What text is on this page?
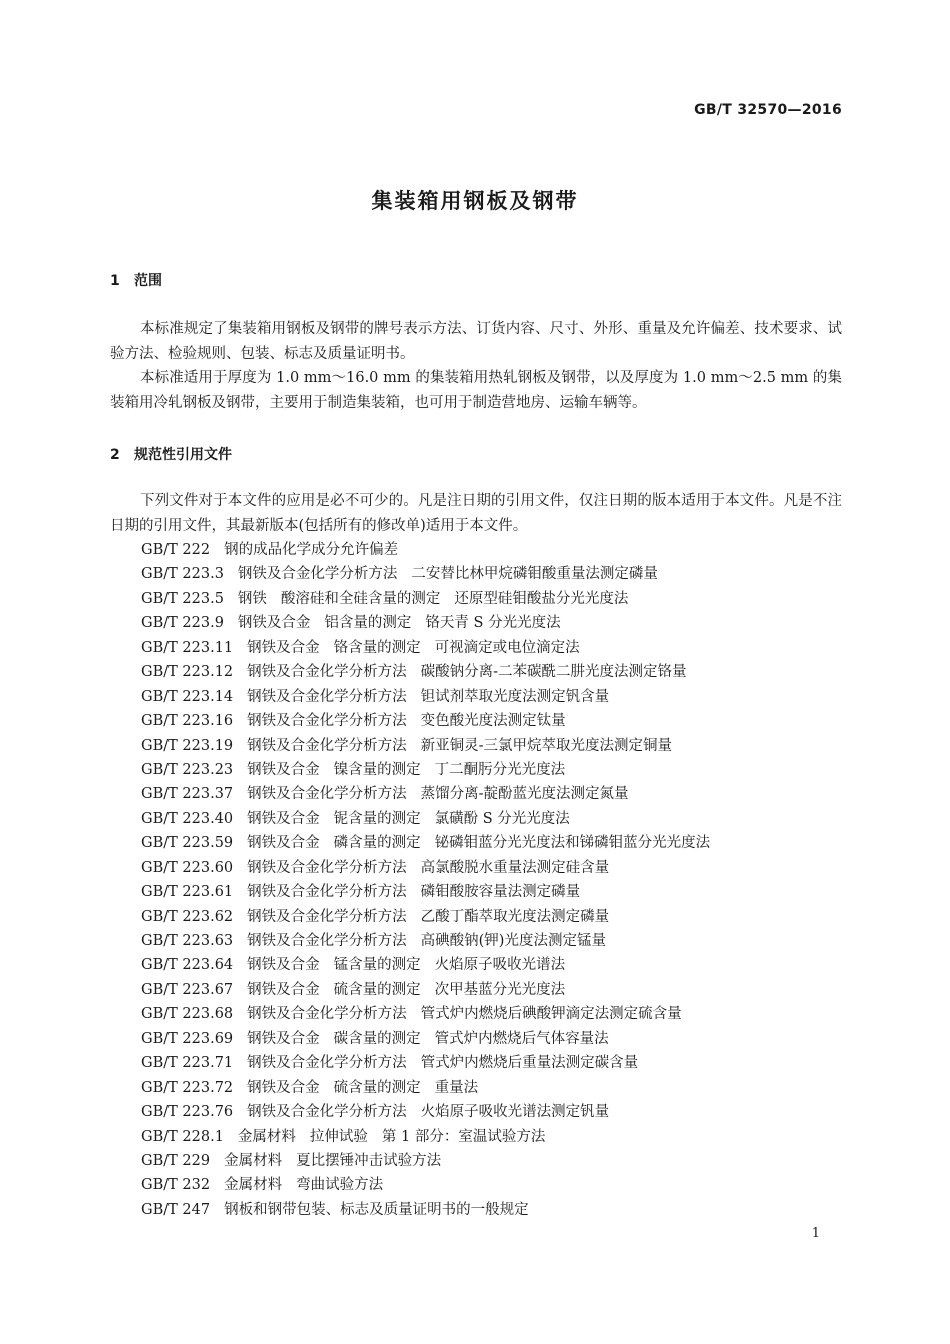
GB/T 32570—2016
集装箱用钢板及钢带
1 范围
本标准规定了集装箱用钢板及钢带的牌号表示方法、订货内容、尺寸、外形、重量及允许偏差、技术要求、试验方法、检验规则、包装、标志及质量证明书。
本标准适用于厚度为 1.0 mm～16.0 mm 的集装箱用热轧钢板及钢带，以及厚度为 1.0 mm～2.5 mm 的集装箱用冷轧钢板及钢带，主要用于制造集装箱，也可用于制造营地房、运输车辆等。
2 规范性引用文件
下列文件对于本文件的应用是必不可少的。凡是注日期的引用文件，仅注日期的版本适用于本文件。凡是不注日期的引用文件，其最新版本(包括所有的修改单)适用于本文件。
GB/T 222 钢的成品化学成分允许偏差
GB/T 223.3 钢铁及合金化学分析方法 二安替比林甲烷磷钼酸重量法测定磷量
GB/T 223.5 钢铁 酸溶硅和全硅含量的测定 还原型硅钼酸盐分光光度法
GB/T 223.9 钢铁及合金 铝含量的测定 铬天青 S 分光光度法
GB/T 223.11 钢铁及合金 铬含量的测定 可视滴定或电位滴定法
GB/T 223.12 钢铁及合金化学分析方法 碳酸钠分离-二苯碳酰二肼光度法测定铬量
GB/T 223.14 钢铁及合金化学分析方法 钽试剂萃取光度法测定钒含量
GB/T 223.16 钢铁及合金化学分析方法 变色酸光度法测定钛量
GB/T 223.19 钢铁及合金化学分析方法 新亚铜灵-三氯甲烷萃取光度法测定铜量
GB/T 223.23 钢铁及合金 镍含量的测定 丁二酮肟分光光度法
GB/T 223.37 钢铁及合金化学分析方法 蒸馏分离-靛酚蓝光度法测定氮量
GB/T 223.40 钢铁及合金 铌含量的测定 氯磺酚 S 分光光度法
GB/T 223.59 钢铁及合金 磷含量的测定 铋磷钼蓝分光光度法和锑磷钼蓝分光光度法
GB/T 223.60 钢铁及合金化学分析方法 高氯酸脱水重量法测定硅含量
GB/T 223.61 钢铁及合金化学分析方法 磷钼酸胺容量法测定磷量
GB/T 223.62 钢铁及合金化学分析方法 乙酸丁酯萃取光度法测定磷量
GB/T 223.63 钢铁及合金化学分析方法 高碘酸钠(钾)光度法测定锰量
GB/T 223.64 钢铁及合金 锰含量的测定 火焰原子吸收光谱法
GB/T 223.67 钢铁及合金 硫含量的测定 次甲基蓝分光光度法
GB/T 223.68 钢铁及合金化学分析方法 管式炉内燃烧后碘酸钾滴定法测定硫含量
GB/T 223.69 钢铁及合金 碳含量的测定 管式炉内燃烧后气体容量法
GB/T 223.71 钢铁及合金化学分析方法 管式炉内燃烧后重量法测定碳含量
GB/T 223.72 钢铁及合金 硫含量的测定 重量法
GB/T 223.76 钢铁及合金化学分析方法 火焰原子吸收光谱法测定钒量
GB/T 228.1 金属材料 拉伸试验 第 1 部分：室温试验方法
GB/T 229 金属材料 夏比摆锤冲击试验方法
GB/T 232 金属材料 弯曲试验方法
GB/T 247 钢板和钢带包装、标志及质量证明书的一般规定
1
